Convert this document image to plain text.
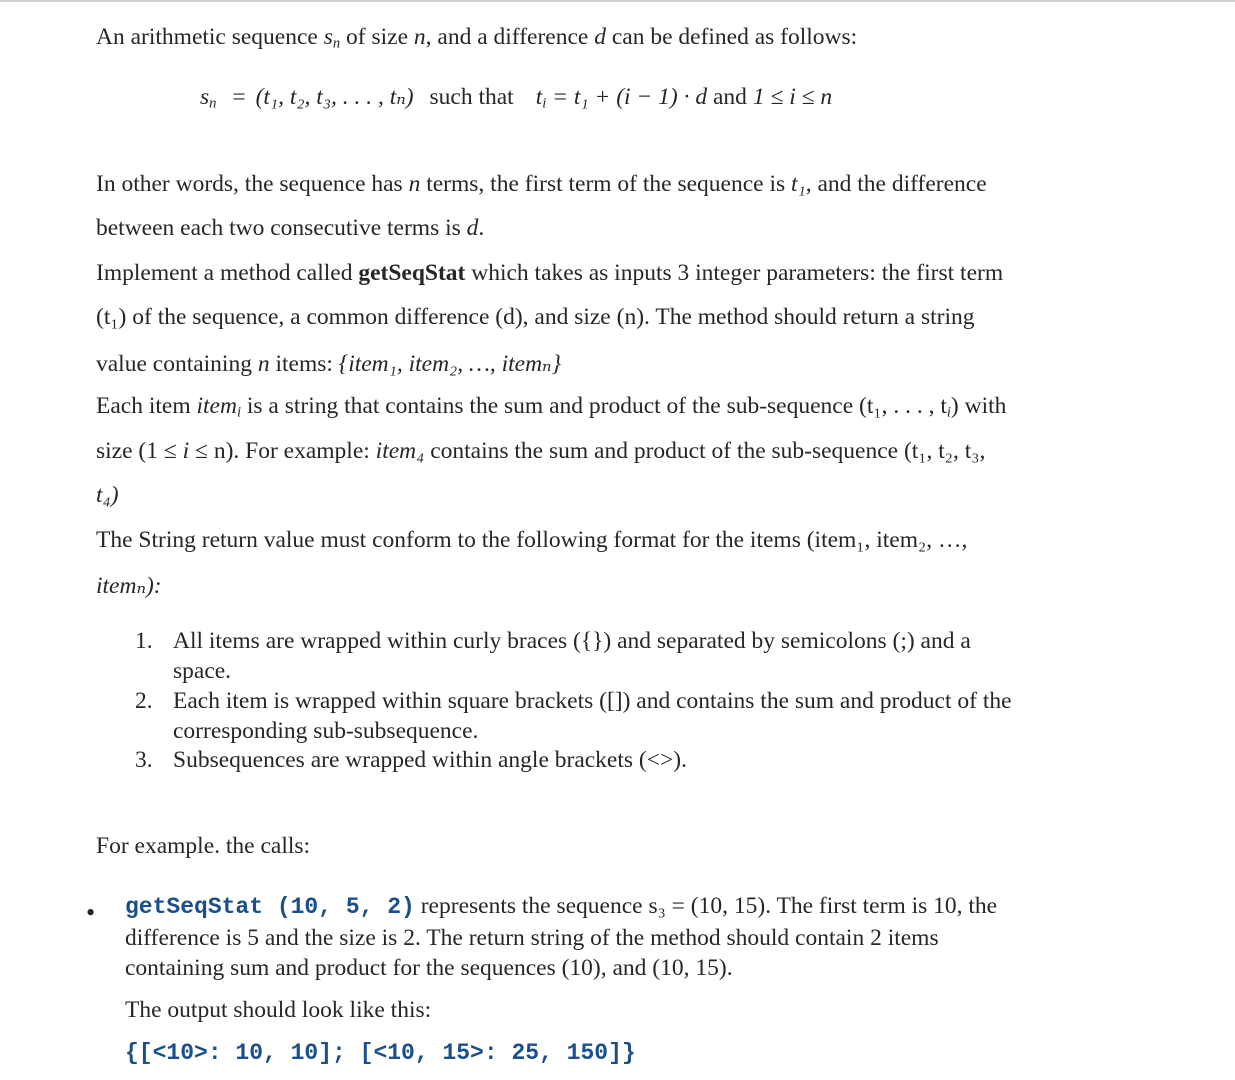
An arithmetic sequence $s_n$ of size n, and a difference d can be defined as follows:
$s_n = (t_1$, t₂, t₃, . . . , tₙ) such that $t_i = t_1 + (i - 1) \cdot d$ and 1 ≤ i ≤ n
In other words, the sequence has n terms, the first term of the sequence is t₁, and the difference
between each two consecutive terms is d.
Implement a method called getSeqStat which takes as inputs 3 integer parameters: the first term
(t₁) of the sequence, a common difference (d), and size (n). The method should return a string
value containing n items: {item₁, item₂, …, itemₙ}
Each item item$_i$ is a string that contains the sum and product of the sub-sequence (t₁, . . . , $t_i$) with
size (1 ≤ i ≤ n). For example: item₄ contains the sum and product of the sub-sequence (t₁, t₂, t₃,
t₄)
The String return value must conform to the following format for the items (item₁, item₂, …,
itemₙ):
1. All items are wrapped within curly braces ({}) and separated by semicolons (;) and a
space.
2. Each item is wrapped within square brackets ([]) and contains the sum and product of the
corresponding sub-subsequence.
3. Subsequences are wrapped within angle brackets (<>).
For example. the calls:
• getSeqStat (10, 5, 2) represents the sequence s₃ = (10, 15). The first term is 10, the
difference is 5 and the size is 2. The return string of the method should contain 2 items
containing sum and product for the sequences (10), and (10, 15).
The output should look like this:
{[<10>: 10, 10]; [<10, 15>: 25, 150]}
